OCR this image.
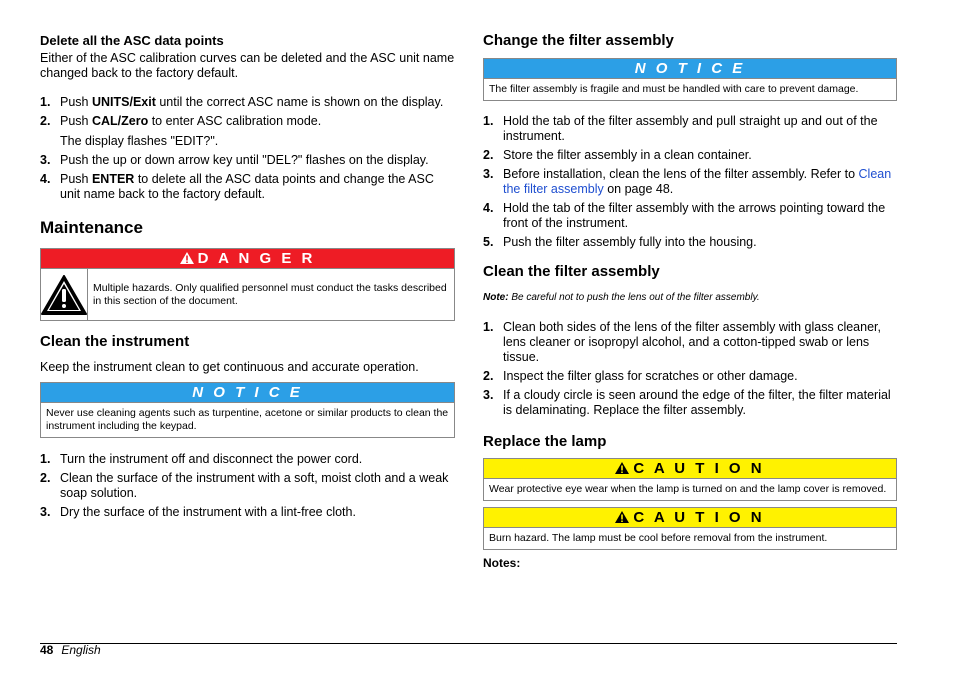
Delete all the ASC data points

Either of the ASC calibration curves can be deleted and the ASC unit name changed back to the factory default.

1. Push UNITS/Exit until the correct ASC name is shown on the display.
2. Push CAL/Zero to enter ASC calibration mode.
The display flashes "EDIT?".
3. Push the up or down arrow key until "DEL?" flashes on the display.
4. Push ENTER to delete all the ASC data points and change the ASC unit name back to the factory default.
Maintenance
D A N G E R
Multiple hazards. Only qualified personnel must conduct the tasks described in this section of the document.
Clean the instrument

Keep the instrument clean to get continuous and accurate operation.

N O T I C E
Never use cleaning agents such as turpentine, acetone or similar products to clean the instrument including the keypad.
1. Turn the instrument off and disconnect the power cord.
2. Clean the surface of the instrument with a soft, moist cloth and a weak soap solution.
3. Dry the surface of the instrument with a lint-free cloth.
Change the filter assembly
N O T I C E
The filter assembly is fragile and must be handled with care to prevent damage.
1. Hold the tab of the filter assembly and pull straight up and out of the instrument.
2. Store the filter assembly in a clean container.
3. Before installation, clean the lens of the filter assembly. Refer to Clean the filter assembly on page 48.
4. Hold the tab of the filter assembly with the arrows pointing toward the front of the instrument.
5. Push the filter assembly fully into the housing.
Clean the filter assembly

Note: Be careful not to push the lens out of the filter assembly.

1. Clean both sides of the lens of the filter assembly with glass cleaner, lens cleaner or isopropyl alcohol, and a cotton-tipped swab or lens tissue.
2. Inspect the filter glass for scratches or other damage.
3. If a cloudy circle is seen around the edge of the filter, the filter material is delaminating. Replace the filter assembly.
Replace the lamp
C A U T I O N
Wear protective eye wear when the lamp is turned on and the lamp cover is removed.
C A U T I O N
Burn hazard. The lamp must be cool before removal from the instrument.

Notes:

48 English
